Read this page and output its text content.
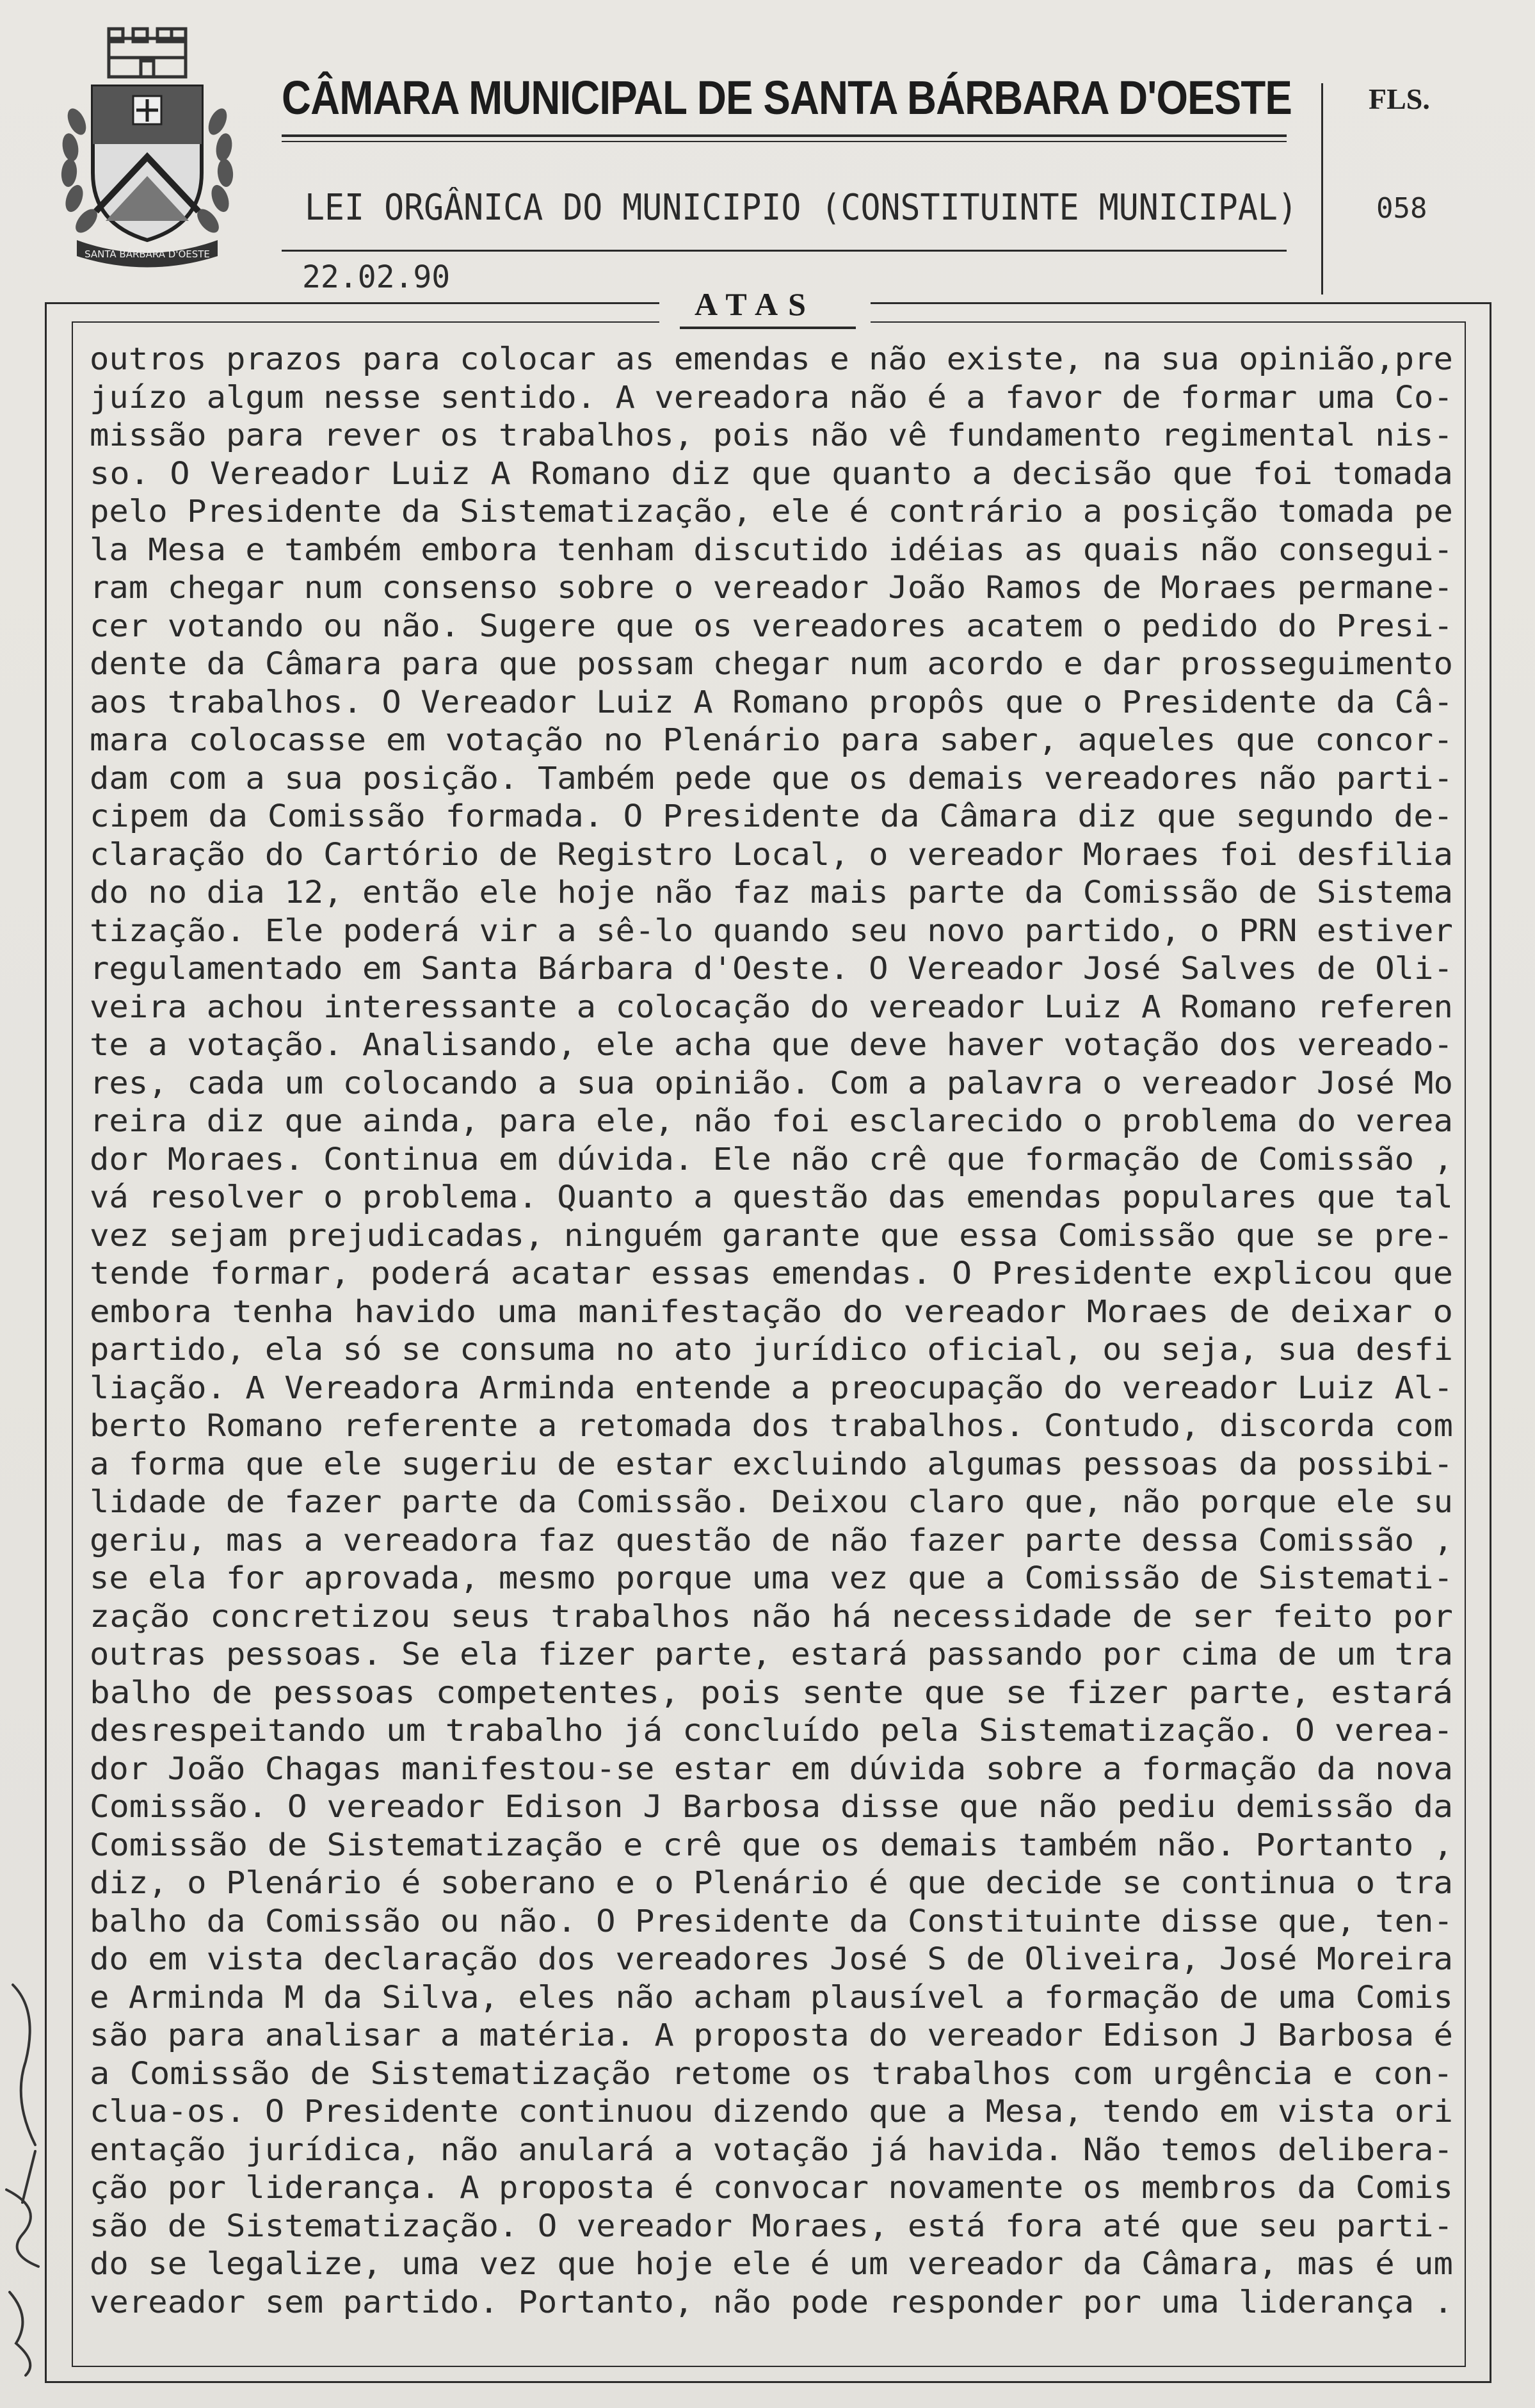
SANTA BÁRBARA D'OESTE
CÂMARA MUNICIPAL DE SANTA BÁRBARA D'OESTE
LEI ORGÂNICA DO MUNICIPIO (CONSTITUINTE MUNICIPAL)
22.02.90
FLS.
058
ATAS
outros prazos para colocar as emendas e não existe, na sua opinião,pre
juízo algum nesse sentido. A vereadora não é a favor de formar uma Co-
missão para rever os trabalhos, pois não vê fundamento regimental nis-
so. O Vereador Luiz A Romano diz que quanto a decisão que foi tomada
pelo Presidente da Sistematização, ele é contrário a posição tomada pe
la Mesa e também embora tenham discutido idéias as quais não consegui-
ram chegar num consenso sobre o vereador João Ramos de Moraes permane-
cer votando ou não. Sugere que os vereadores acatem o pedido do Presi-
dente da Câmara para que possam chegar num acordo e dar prosseguimento
aos trabalhos. O Vereador Luiz A Romano propôs que o Presidente da Câ-
mara colocasse em votação no Plenário para saber, aqueles que concor-
dam com a sua posição. Também pede que os demais vereadores não parti-
cipem da Comissão formada. O Presidente da Câmara diz que segundo de-
claração do Cartório de Registro Local, o vereador Moraes foi desfilia
do no dia 12, então ele hoje não faz mais parte da Comissão de Sistema
tização. Ele poderá vir a sê-lo quando seu novo partido, o PRN estiver
regulamentado em Santa Bárbara d'Oeste. O Vereador José Salves de Oli-
veira achou interessante a colocação do vereador Luiz A Romano referen
te a votação. Analisando, ele acha que deve haver votação dos vereado-
res, cada um colocando a sua opinião. Com a palavra o vereador José Mo
reira diz que ainda, para ele, não foi esclarecido o problema do verea
dor Moraes. Continua em dúvida. Ele não crê que formação de Comissão ,
vá resolver o problema. Quanto a questão das emendas populares que tal
vez sejam prejudicadas, ninguém garante que essa Comissão que se pre-
tende formar, poderá acatar essas emendas. O Presidente explicou que
embora tenha havido uma manifestação do vereador Moraes de deixar o
partido, ela só se consuma no ato jurídico oficial, ou seja, sua desfi
liação. A Vereadora Arminda entende a preocupação do vereador Luiz Al-
berto Romano referente a retomada dos trabalhos. Contudo, discorda com
a forma que ele sugeriu de estar excluindo algumas pessoas da possibi-
lidade de fazer parte da Comissão. Deixou claro que, não porque ele su
geriu, mas a vereadora faz questão de não fazer parte dessa Comissão ,
se ela for aprovada, mesmo porque uma vez que a Comissão de Sistemati-
zação concretizou seus trabalhos não há necessidade de ser feito por
outras pessoas. Se ela fizer parte, estará passando por cima de um tra
balho de pessoas competentes, pois sente que se fizer parte, estará
desrespeitando um trabalho já concluído pela Sistematização. O verea-
dor João Chagas manifestou-se estar em dúvida sobre a formação da nova
Comissão. O vereador Edison J Barbosa disse que não pediu demissão da
Comissão de Sistematização e crê que os demais também não. Portanto ,
diz, o Plenário é soberano e o Plenário é que decide se continua o tra
balho da Comissão ou não. O Presidente da Constituinte disse que, ten-
do em vista declaração dos vereadores José S de Oliveira, José Moreira
e Arminda M da Silva, eles não acham plausível a formação de uma Comis
são para analisar a matéria. A proposta do vereador Edison J Barbosa é
a Comissão de Sistematização retome os trabalhos com urgência e con-
clua-os. O Presidente continuou dizendo que a Mesa, tendo em vista ori
entação jurídica, não anulará a votação já havida. Não temos delibera-
ção por liderança. A proposta é convocar novamente os membros da Comis
são de Sistematização. O vereador Moraes, está fora até que seu parti-
do se legalize, uma vez que hoje ele é um vereador da Câmara, mas é um
vereador sem partido. Portanto, não pode responder por uma liderança .
